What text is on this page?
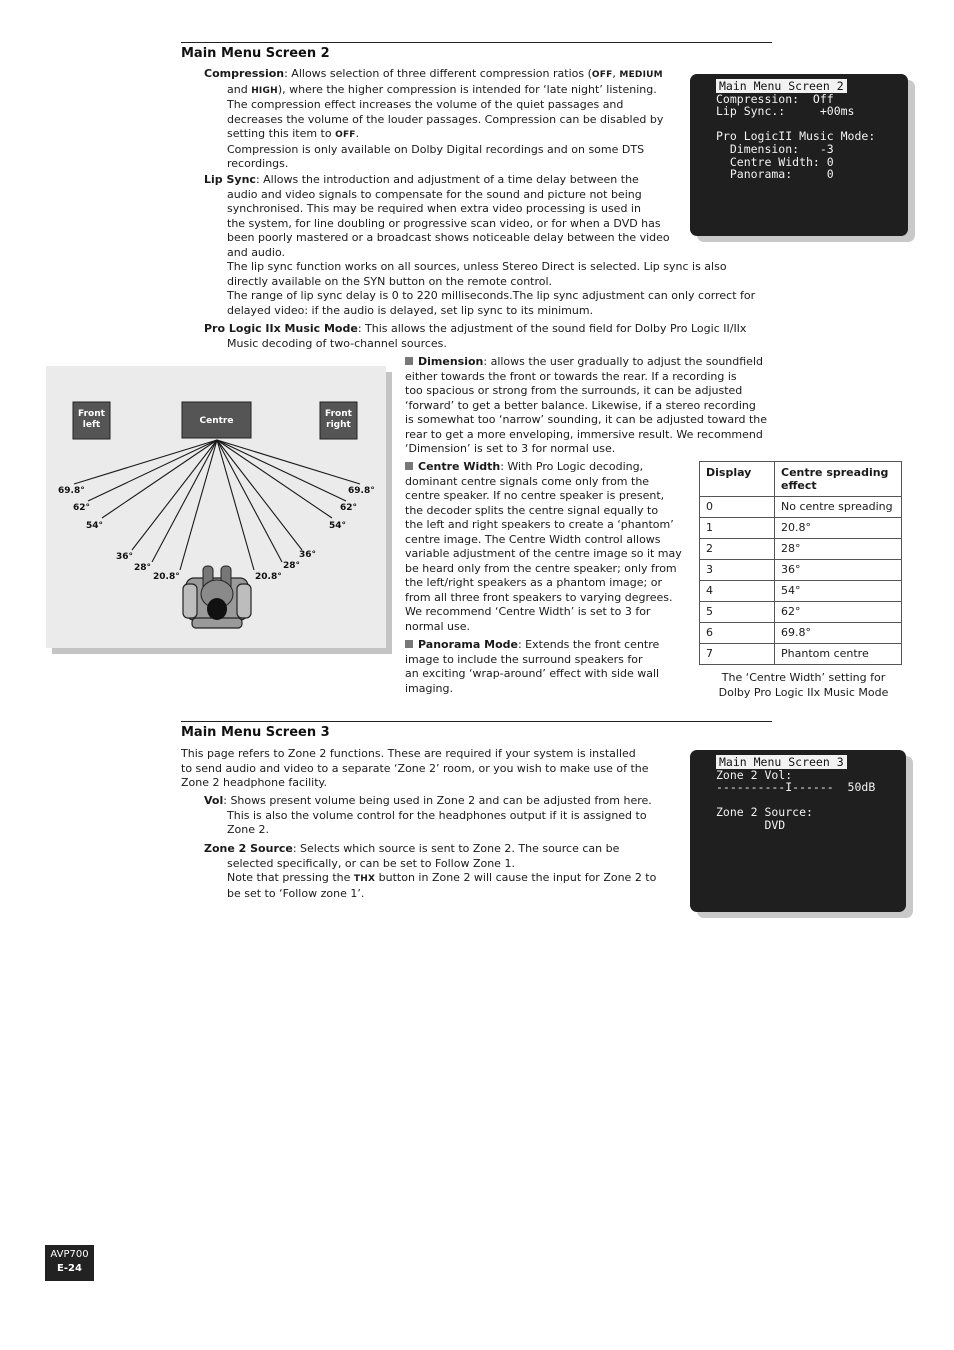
Main Menu Screen 2

Compression: Allows selection of three different compression ratios (OFF, MEDIUM

and HIGH), where the higher compression is intended for ‘late night’ listening.

The compression effect increases the volume of the quiet passages and

decreases the volume of the louder passages. Compression can be disabled by

setting this item to OFF.

Compression is only available on Dolby Digital recordings and on some DTS

recordings.

Lip Sync: Allows the introduction and adjustment of a time delay between the

audio and video signals to compensate for the sound and picture not being

synchronised. This may be required when extra video processing is used in

the system, for line doubling or progressive scan video, or for when a DVD has

been poorly mastered or a broadcast shows noticeable delay between the video

and audio.

The lip sync function works on all sources, unless Stereo Direct is selected. Lip sync is also

directly available on the SYN button on the remote control.

The range of lip sync delay is 0 to 220 milliseconds.The lip sync adjustment can only correct for

delayed video: if the audio is delayed, set lip sync to its minimum.

Pro Logic IIx Music Mode: This allows the adjustment of the sound field for Dolby Pro Logic II/IIx

Music decoding of two-channel sources.

Main Menu Screen 2
Compression:  Off
Lip Sync.:     +00ms

Pro LogicII Music Mode:
Dimension:   -3
Centre Width: 0
Panorama:     0
Front
left	Centre
Front
right
69.8°
62°
54°
36°
28°
20.8°
69.8°
62°
54°
36°
28°
20.8°

Dimension: allows the user gradually to adjust the soundfield

either towards the front or towards the rear. If a recording is

too spacious or strong from the surrounds, it can be adjusted

‘forward’ to get a better balance. Likewise, if a stereo recording

is somewhat too ‘narrow’ sounding, it can be adjusted toward the

rear to get a more enveloping, immersive result. We recommend

‘Dimension’ is set to 3 for normal use.

Centre Width: With Pro Logic decoding,

dominant centre signals come only from the

centre speaker. If no centre speaker is present,

the decoder splits the centre signal equally to

the left and right speakers to create a ‘phantom’

centre image. The Centre Width control allows

variable adjustment of the centre image so it may

be heard only from the centre speaker; only from

the left/right speakers as a phantom image; or

from all three front speakers to varying degrees.

We recommend ‘Centre Width’ is set to 3 for

normal use.

Panorama Mode: Extends the front centre

image to include the surround speakers for

an exciting ‘wrap-around’ effect with side wall

imaging.

Display	Centre spreading effect
0	No centre spreading
1	20.8°
2	28°
3	36°
4	54°
5	62°
6	69.8°
7	Phantom centre
The ‘Centre Width’ setting for
Dolby Pro Logic IIx Music Mode
Main Menu Screen 3

This page refers to Zone 2 functions. These are required if your system is installed

to send audio and video to a separate ‘Zone 2’ room, or you wish to make use of the

Zone 2 headphone facility.

Vol: Shows present volume being used in Zone 2 and can be adjusted from here.

This is also the volume control for the headphones output if it is assigned to

Zone 2.

Zone 2 Source: Selects which source is sent to Zone 2. The source can be

selected specifically, or can be set to Follow Zone 1.

Note that pressing the THX button in Zone 2 will cause the input for Zone 2 to

be set to ‘Follow zone 1’.

Main Menu Screen 3
Zone 2 Vol:
----------I------  50dB

Zone 2 Source:
DVD
AVP700
E-24
